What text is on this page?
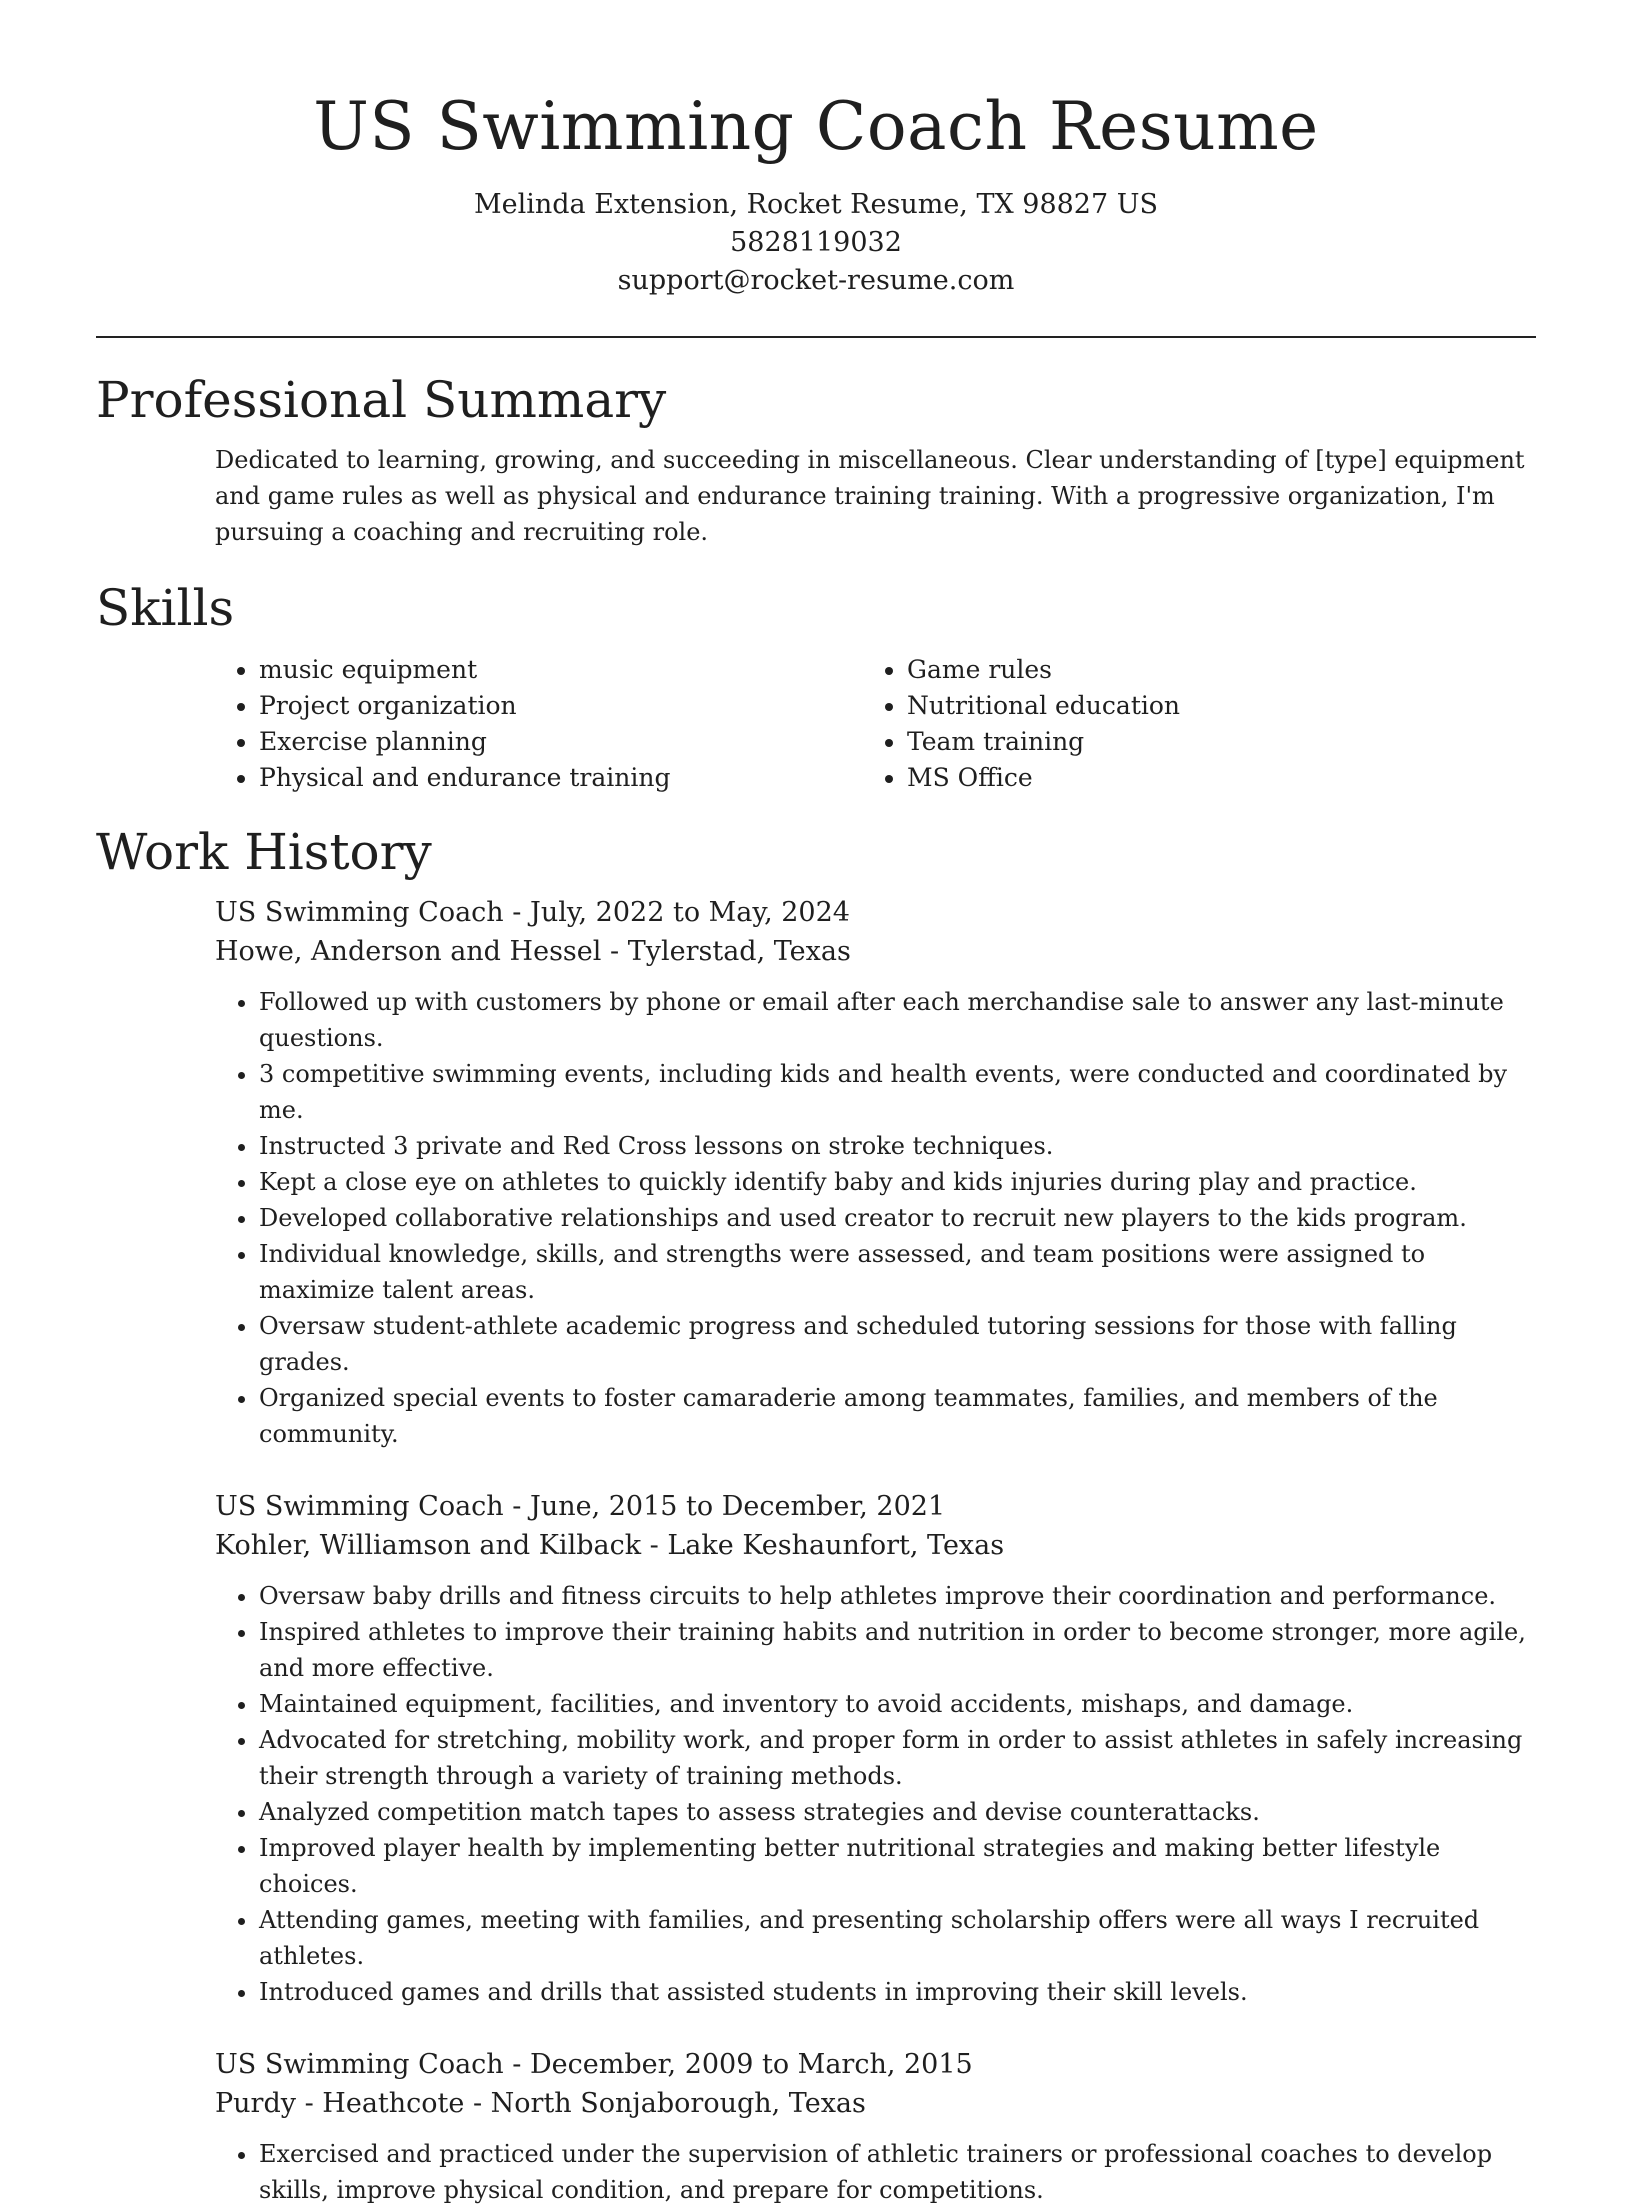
US Swimming Coach Resume
Melinda Extension, Rocket Resume, TX 98827 US
5828119032
support@rocket-resume.com
Professional Summary

Dedicated to learning, growing, and succeeding in miscellaneous. Clear understanding of [type] equipment and game rules as well as physical and endurance training training. With a progressive organization, I'm pursuing a coaching and recruiting role.

Skills
• music equipment
• Project organization
• Exercise planning
• Physical and endurance training
• Game rules
• Nutritional education
• Team training
• MS Office
Work History
US Swimming Coach - July, 2022 to May, 2024
Howe, Anderson and Hessel - Tylerstad, Texas
• Followed up with customers by phone or email after each merchandise sale to answer any last-minute questions.
• 3 competitive swimming events, including kids and health events, were conducted and coordinated by me.
• Instructed 3 private and Red Cross lessons on stroke techniques.
• Kept a close eye on athletes to quickly identify baby and kids injuries during play and practice.
• Developed collaborative relationships and used creator to recruit new players to the kids program.
• Individual knowledge, skills, and strengths were assessed, and team positions were assigned to maximize talent areas.
• Oversaw student-athlete academic progress and scheduled tutoring sessions for those with falling grades.
• Organized special events to foster camaraderie among teammates, families, and members of the community.
US Swimming Coach - June, 2015 to December, 2021
Kohler, Williamson and Kilback - Lake Keshaunfort, Texas
• Oversaw baby drills and fitness circuits to help athletes improve their coordination and performance.
• Inspired athletes to improve their training habits and nutrition in order to become stronger, more agile, and more effective.
• Maintained equipment, facilities, and inventory to avoid accidents, mishaps, and damage.
• Advocated for stretching, mobility work, and proper form in order to assist athletes in safely increasing their strength through a variety of training methods.
• Analyzed competition match tapes to assess strategies and devise counterattacks.
• Improved player health by implementing better nutritional strategies and making better lifestyle choices.
• Attending games, meeting with families, and presenting scholarship offers were all ways I recruited athletes.
• Introduced games and drills that assisted students in improving their skill levels.
US Swimming Coach - December, 2009 to March, 2015
Purdy - Heathcote - North Sonjaborough, Texas
• Exercised and practiced under the supervision of athletic trainers or professional coaches to develop skills, improve physical condition, and prepare for competitions.
